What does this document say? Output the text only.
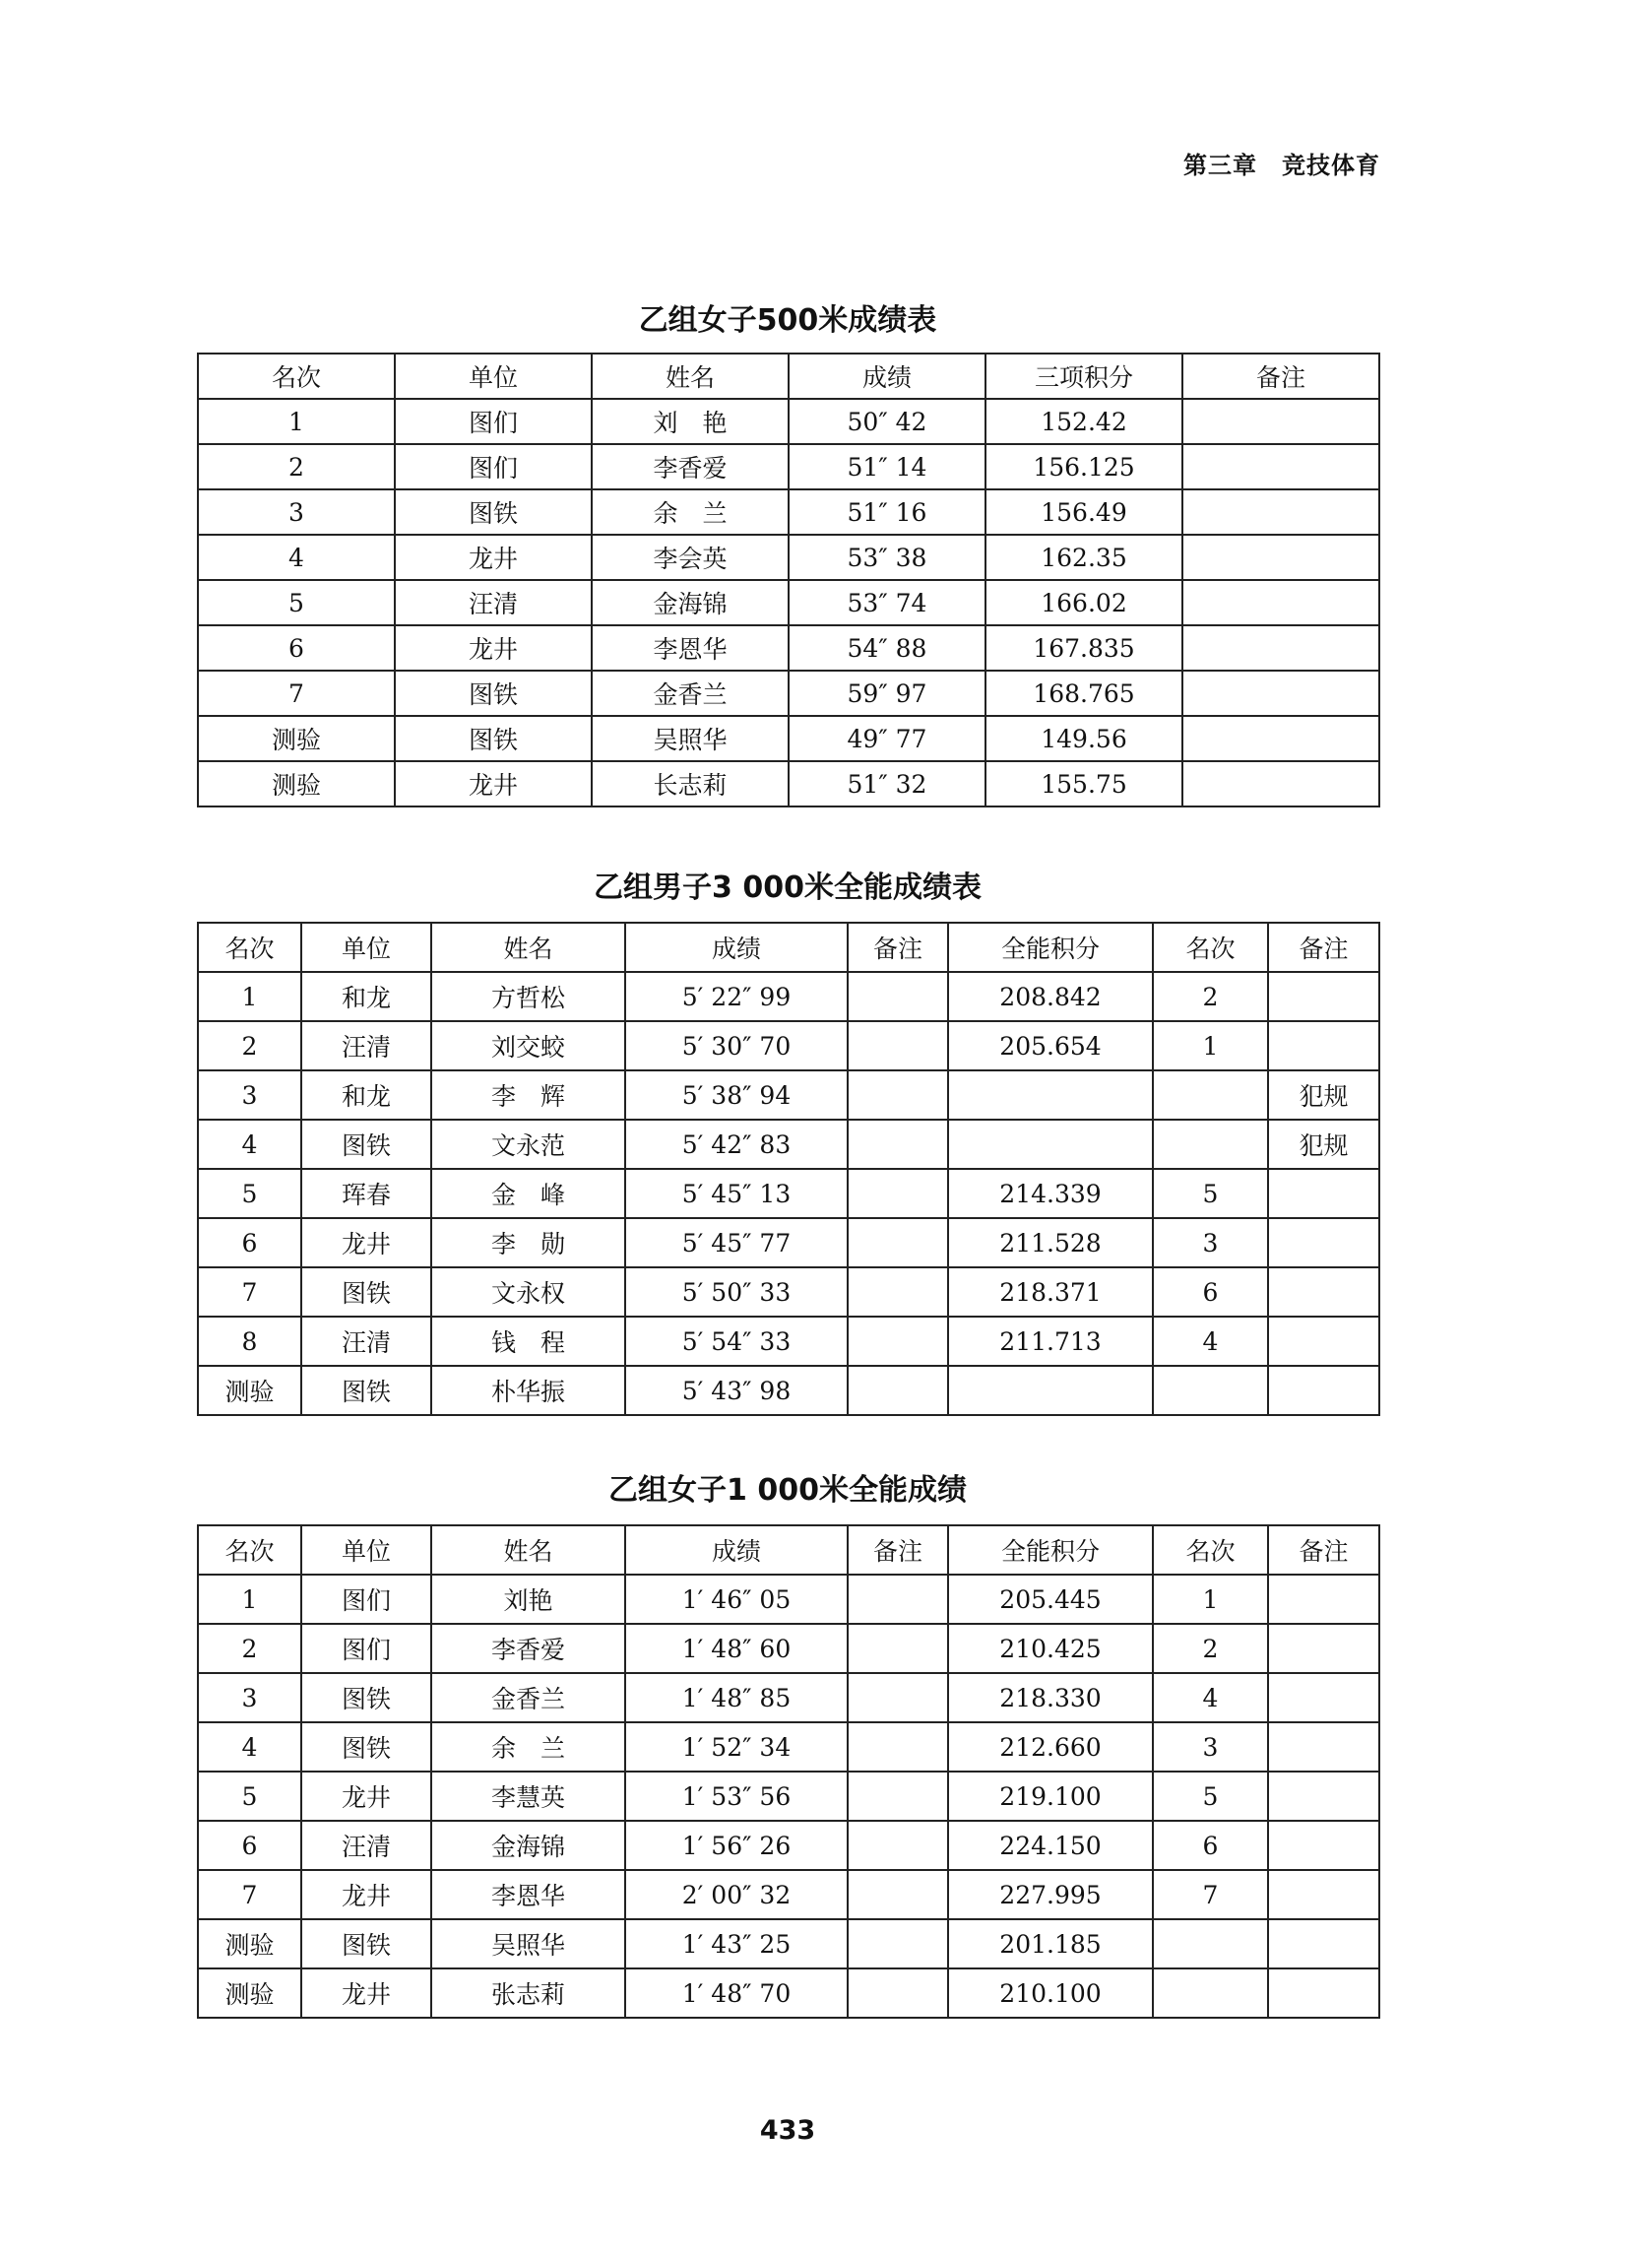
第三章　竞技体育
乙组女子500米成绩表
名次	单位	姓名	成绩	三项积分	备注
1	图们	刘　艳	50″ 42	152.42	
2	图们	李香爱	51″ 14	156.125	
3	图铁	余　兰	51″ 16	156.49	
4	龙井	李会英	53″ 38	162.35	
5	汪清	金海锦	53″ 74	166.02	
6	龙井	李恩华	54″ 88	167.835	
7	图铁	金香兰	59″ 97	168.765	
测验	图铁	吴照华	49″ 77	149.56	
测验	龙井	长志莉	51″ 32	155.75	
乙组男子3 000米全能成绩表
名次	单位	姓名	成绩	备注	全能积分	名次	备注
1	和龙	方哲松	5′ 22″ 99		208.842	2	
2	汪清	刘交蛟	5′ 30″ 70		205.654	1	
3	和龙	李　辉	5′ 38″ 94				犯规
4	图铁	文永范	5′ 42″ 83				犯规
5	珲春	金　峰	5′ 45″ 13		214.339	5	
6	龙井	李　勋	5′ 45″ 77		211.528	3	
7	图铁	文永权	5′ 50″ 33		218.371	6	
8	汪清	钱　程	5′ 54″ 33		211.713	4	
测验	图铁	朴华振	5′ 43″ 98				
乙组女子1 000米全能成绩
名次	单位	姓名	成绩	备注	全能积分	名次	备注
1	图们	刘艳	1′ 46″ 05		205.445	1	
2	图们	李香爱	1′ 48″ 60		210.425	2	
3	图铁	金香兰	1′ 48″ 85		218.330	4	
4	图铁	余　兰	1′ 52″ 34		212.660	3	
5	龙井	李慧英	1′ 53″ 56		219.100	5	
6	汪清	金海锦	1′ 56″ 26		224.150	6	
7	龙井	李恩华	2′ 00″ 32		227.995	7	
测验	图铁	吴照华	1′ 43″ 25		201.185		
测验	龙井	张志莉	1′ 48″ 70		210.100		
433
